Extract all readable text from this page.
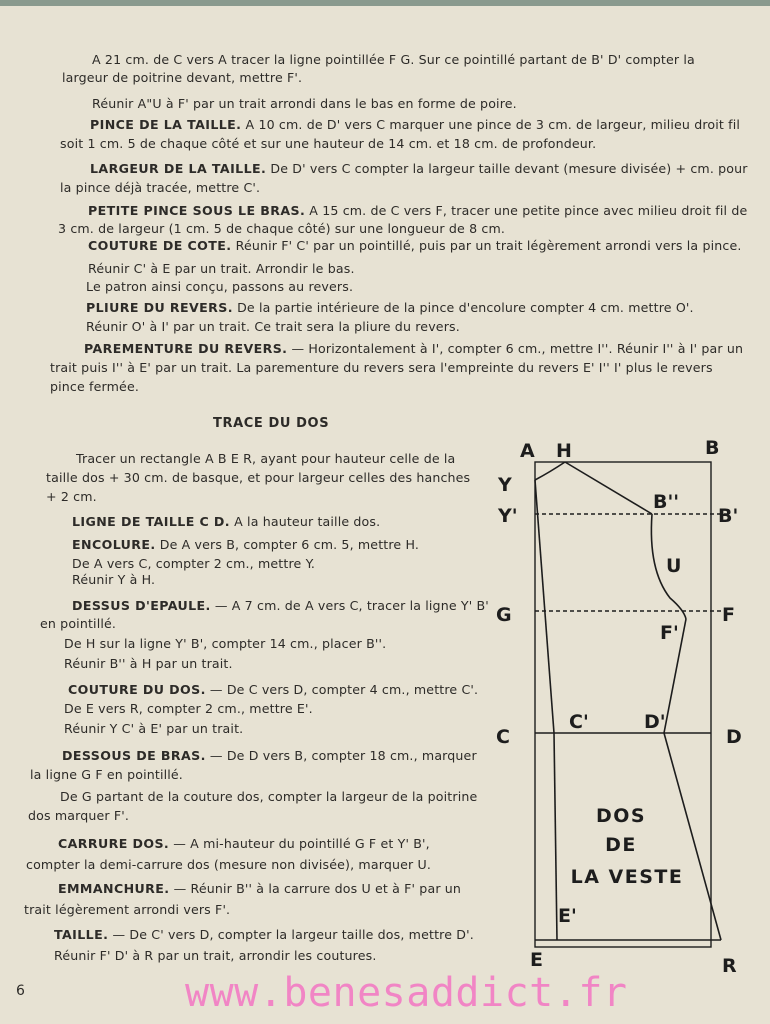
A 21 cm. de C vers A tracer la ligne pointillée F G. Sur ce pointillé partant de B' D' compter la
largeur de poitrine devant, mettre F'.
Réunir A"U à F' par un trait arrondi dans le bas en forme de poire.
PINCE DE LA TAILLE. A 10 cm. de D' vers C marquer une pince de 3 cm. de largeur, milieu droit fil
soit 1 cm. 5 de chaque côté et sur une hauteur de 14 cm. et 18 cm. de profondeur.
LARGEUR DE LA TAILLE. De D' vers C compter la largeur taille devant (mesure divisée) + cm. pour
la pince déjà tracée, mettre C'.
PETITE PINCE SOUS LE BRAS. A 15 cm. de C vers F, tracer une petite pince avec milieu droit fil de
3 cm. de largeur (1 cm. 5 de chaque côté) sur une longueur de 8 cm.
COUTURE DE COTE. Réunir F' C' par un pointillé, puis par un trait légèrement arrondi vers la pince.
Réunir C' à E par un trait. Arrondir le bas.
Le patron ainsi conçu, passons au revers.
PLIURE DU REVERS. De la partie intérieure de la pince d'encolure compter 4 cm. mettre O'.
Réunir O' à I' par un trait. Ce trait sera la pliure du revers.
PAREMENTURE DU REVERS. — Horizontalement à I', compter 6 cm., mettre I''. Réunir I'' à I' par un
trait puis I'' à E' par un trait. La parementure du revers sera l'empreinte du revers E' I'' I' plus le revers
pince fermée.
TRACE DU DOS
Tracer un rectangle A B E R, ayant pour hauteur celle de la
taille dos + 30 cm. de basque, et pour largeur celles des hanches
+ 2 cm.
LIGNE DE TAILLE C D. A la hauteur taille dos.
ENCOLURE. De A vers B, compter 6 cm. 5, mettre H.
De A vers C, compter 2 cm., mettre Y.
Réunir Y à H.
DESSUS D'EPAULE. — A 7 cm. de A vers C, tracer la ligne Y' B'
en pointillé.
De H sur la ligne Y' B', compter 14 cm., placer B''.
Réunir B'' à H par un trait.
COUTURE DU DOS. — De C vers D, compter 4 cm., mettre C'.
De E vers R, compter 2 cm., mettre E'.
Réunir Y C' à E' par un trait.
DESSOUS DE BRAS. — De D vers B, compter 18 cm., marquer
la ligne G F en pointillé.
De G partant de la couture dos, compter la largeur de la poitrine
dos marquer F'.
CARRURE DOS. — A mi-hauteur du pointillé G F et Y' B',
compter la demi-carrure dos (mesure non divisée), marquer U.
EMMANCHURE. — Réunir B'' à la carrure dos U et à F' par un
trait légèrement arrondi vers F'.
TAILLE. — De C' vers D, compter la largeur taille dos, mettre D'.
Réunir F' D' à R par un trait, arrondir les coutures.
A H	B
Y
Y'
B''
B'
U
G	F
F'
C
C'	D'
D
E'
E	R
DOS
DE
LA VESTE
6	www.benesaddict.fr
